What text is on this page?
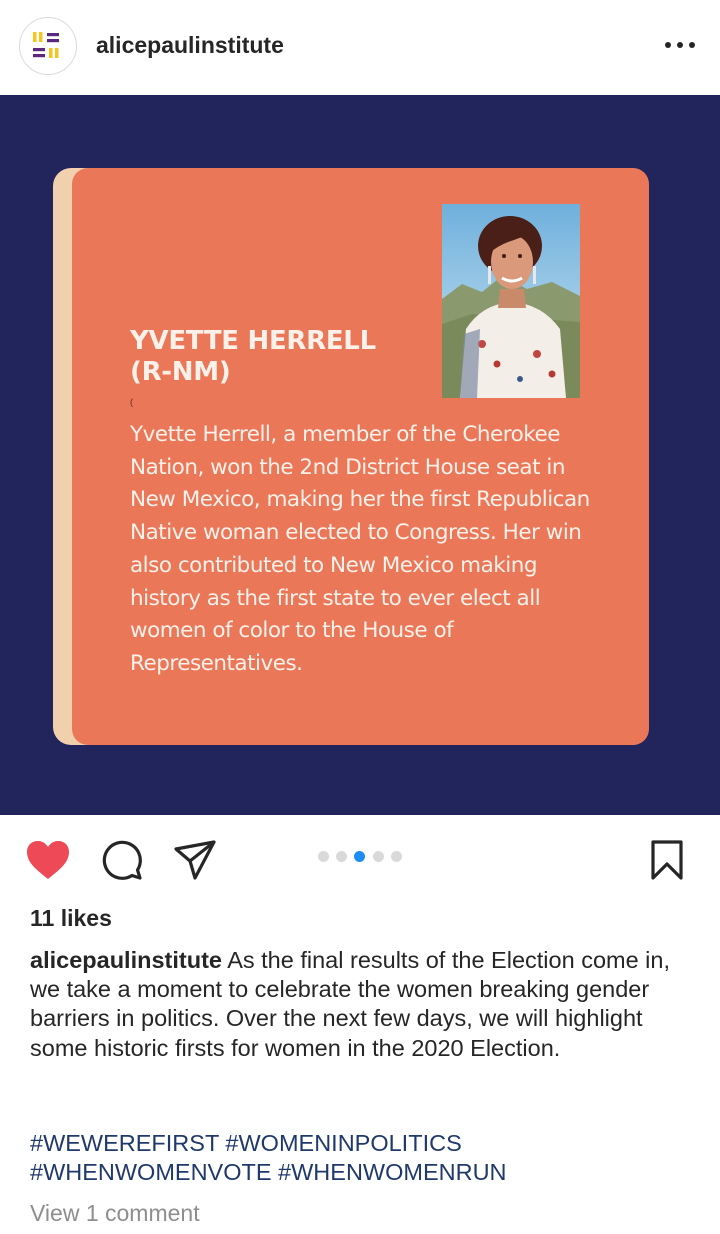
alicepaulinstitute
YVETTE HERRELL
(R-NM)
(
Yvette Herrell, a member of the Cherokee Nation, won the 2nd District House seat in New Mexico, making her the first Republican Native woman elected to Congress. Her win also contributed to New Mexico making history as the first state to ever elect all women of color to the House of Representatives.
11 likes
alicepaulinstitute As the final results of the Election come in, we take a moment to celebrate the women breaking gender barriers in politics. Over the next few days, we will highlight some historic firsts for women in the 2020 Election.
#WEWEREFIRST #WOMENINPOLITICS
#WHENWOMENVOTE #WHENWOMENRUN
View 1 comment
